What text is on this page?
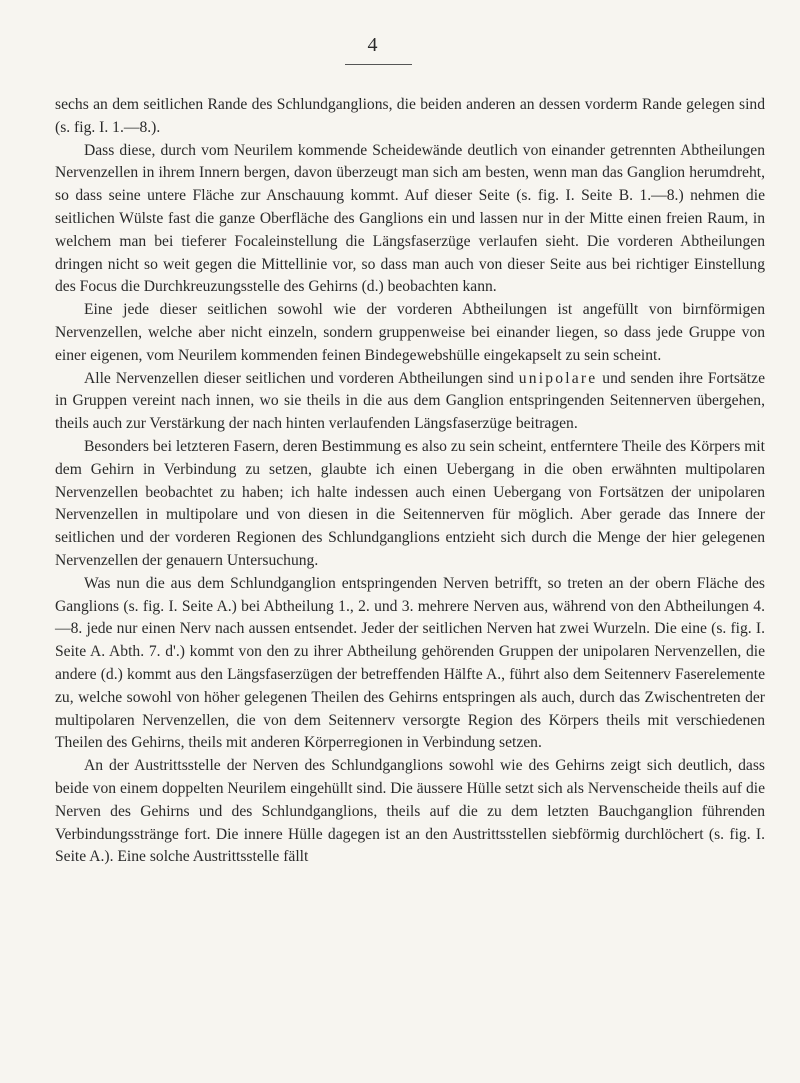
4

sechs an dem seitlichen Rande des Schlundganglions, die beiden anderen an dessen vorderm Rande gelegen sind (s. fig. I. 1.—8.).

Dass diese, durch vom Neurilem kommende Scheidewände deutlich von einander getrennten Abtheilungen Nervenzellen in ihrem Innern bergen, davon überzeugt man sich am besten, wenn man das Ganglion herumdreht, so dass seine untere Fläche zur Anschauung kommt. Auf dieser Seite (s. fig. I. Seite B. 1.—8.) nehmen die seitlichen Wülste fast die ganze Oberfläche des Ganglions ein und lassen nur in der Mitte einen freien Raum, in welchem man bei tieferer Focaleinstellung die Längsfaserzüge verlaufen sieht. Die vorderen Abtheilungen dringen nicht so weit gegen die Mittellinie vor, so dass man auch von dieser Seite aus bei richtiger Einstellung des Focus die Durchkreuzungsstelle des Gehirns (d.) beobachten kann.

Eine jede dieser seitlichen sowohl wie der vorderen Abtheilungen ist angefüllt von birnförmigen Nervenzellen, welche aber nicht einzeln, sondern gruppenweise bei einander liegen, so dass jede Gruppe von einer eigenen, vom Neurilem kommenden feinen Bindegewebshülle eingekapselt zu sein scheint.

Alle Nervenzellen dieser seitlichen und vorderen Abtheilungen sind unipolare und senden ihre Fortsätze in Gruppen vereint nach innen, wo sie theils in die aus dem Ganglion entspringenden Seitennerven übergehen, theils auch zur Verstärkung der nach hinten verlaufenden Längsfaserzüge beitragen.

Besonders bei letzteren Fasern, deren Bestimmung es also zu sein scheint, entferntere Theile des Körpers mit dem Gehirn in Verbindung zu setzen, glaubte ich einen Uebergang in die oben erwähnten multipolaren Nervenzellen beobachtet zu haben; ich halte indessen auch einen Uebergang von Fortsätzen der unipolaren Nervenzellen in multipolare und von diesen in die Seitennerven für möglich. Aber gerade das Innere der seitlichen und der vorderen Regionen des Schlundganglions entzieht sich durch die Menge der hier gelegenen Nervenzellen der genauern Untersuchung.

Was nun die aus dem Schlundganglion entspringenden Nerven betrifft, so treten an der obern Fläche des Ganglions (s. fig. I. Seite A.) bei Abtheilung 1., 2. und 3. mehrere Nerven aus, während von den Abtheilungen 4.—8. jede nur einen Nerv nach aussen entsendet. Jeder der seitlichen Nerven hat zwei Wurzeln. Die eine (s. fig. I. Seite A. Abth. 7. d'.) kommt von den zu ihrer Abtheilung gehörenden Gruppen der unipolaren Nervenzellen, die andere (d.) kommt aus den Längsfaserzügen der betreffenden Hälfte A., führt also dem Seitennerv Faserelemente zu, welche sowohl von höher gelegenen Theilen des Gehirns entspringen als auch, durch das Zwischentreten der multipolaren Nervenzellen, die von dem Seitennerv versorgte Region des Körpers theils mit verschiedenen Theilen des Gehirns, theils mit anderen Körperregionen in Verbindung setzen.

An der Austrittsstelle der Nerven des Schlundganglions sowohl wie des Gehirns zeigt sich deutlich, dass beide von einem doppelten Neurilem eingehüllt sind. Die äussere Hülle setzt sich als Nervenscheide theils auf die Nerven des Gehirns und des Schlundganglions, theils auf die zu dem letzten Bauchganglion führenden Verbindungsstränge fort. Die innere Hülle dagegen ist an den Austrittsstellen siebförmig durchlöchert (s. fig. I. Seite A.). Eine solche Austrittsstelle fällt
